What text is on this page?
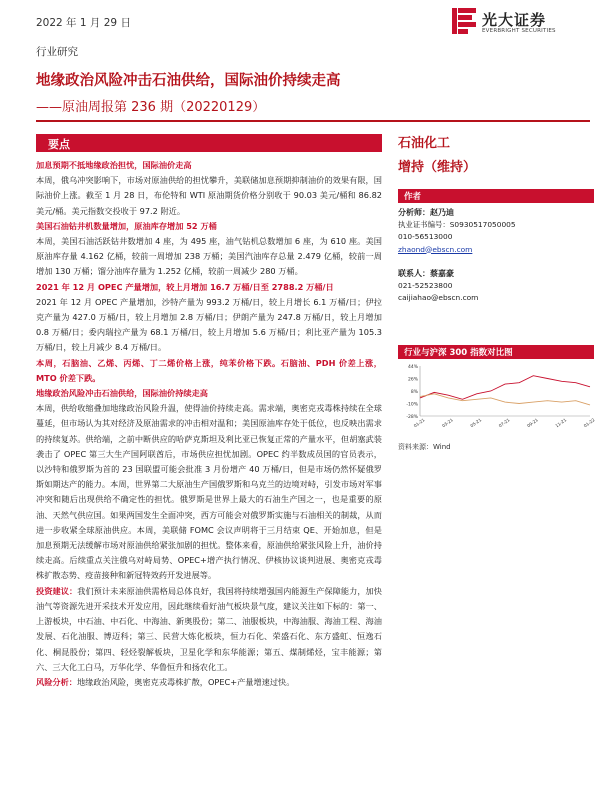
2022 年 1 月 29 日	光大证券
EVERBRIGHT SECURITIES
行业研究
地缘政治风险冲击石油供给，国际油价持续走高
——原油周报第 236 期（20220129）
要点

加息预期不抵地缘政治担忧，国际油价走高

本周，俄乌冲突影响下，市场对原油供给的担忧攀升，美联储加息预期抑制油价的效果有限，国际油价上涨。截至 1 月 28 日，布伦特和 WTI 原油期货价格分别收于 90.03 美元/桶和 86.82 美元/桶。美元指数交投收于 97.2 附近。

美国石油钻井机数量增加，原油库存增加 52 万桶

本周，美国石油活跃钻井数增加 4 座，为 495 座，油气钻机总数增加 6 座，为 610 座。美国原油库存量 4.162 亿桶，较前一周增加 238 万桶；美国汽油库存总量 2.479 亿桶，较前一周增加 130 万桶；馏分油库存量为 1.252 亿桶，较前一周减少 280 万桶。

2021 年 12 月 OPEC 产量增加，较上月增加 16.7 万桶/日至 2788.2 万桶/日

2021 年 12 月 OPEC 产量增加，沙特产量为 993.2 万桶/日，较上月增长 6.1 万桶/日；伊拉克产量为 427.0 万桶/日，较上月增加 2.8 万桶/日；伊朗产量为 247.8 万桶/日，较上月增加 0.8 万桶/日；委内瑞拉产量为 68.1 万桶/日，较上月增加 5.6 万桶/日；利比亚产量为 105.3 万桶/日，较上月减少 8.4 万桶/日。

本周，石脑油、乙烯、丙烯、丁二烯价格上涨，纯苯价格下跌。石脑油、PDH 价差上涨，MTO 价差下跌。

地缘政治风险冲击石油供给，国际油价持续走高

本周，供给收缩叠加地缘政治风险升温，使得油价持续走高。需求端，奥密克戎毒株持续在全球蔓延，但市场认为其对经济及原油需求的冲击相对温和；美国原油库存处于低位，也反映出需求的持续复苏。供给端，之前中断供应的哈萨克斯坦及利比亚已恢复正常的产量水平，但胡塞武装袭击了 OPEC 第三大生产国阿联酋后，市场供应担忧加剧。OPEC 约半数成员国的官员表示，以沙特和俄罗斯为首的 23 国联盟可能会批准 3 月份增产 40 万桶/日，但是市场仍然怀疑俄罗斯如期达产的能力。本周，世界第二大原油生产国俄罗斯和乌克兰的边境对峙，引发市场对军事冲突和随后出现供给不确定性的担忧。俄罗斯是世界上最大的石油生产国之一，也是重要的原油、天然气供应国。如果两国发生全面冲突，西方可能会对俄罗斯实施与石油相关的制裁，从而进一步收紧全球原油供应。本周，美联储 FOMC 会议声明将于三月结束 QE、开始加息，但是加息预期无法缓解市场对原油供给紧张加剧的担忧。整体来看，原油供给紧张风险上升，油价持续走高。后续重点关注俄乌对峙局势、OPEC+增产执行情况、伊核协议谈判进展、奥密克戎毒株扩散态势、疫苗接种和新冠特效药开发进展等。

投资建议：我们预计未来原油供需格局总体良好，我国将持续增强国内能源生产保障能力，加快油气等资源先进开采技术开发应用，因此继续看好油气板块景气度，建议关注如下标的：第一、上游板块，中石油、中石化、中海油、新奥股份；第二、油服板块，中海油服、海油工程、海油发展、石化油服、博迈科；第三、民营大炼化板块，恒力石化、荣盛石化、东方盛虹、恒逸石化、桐昆股份；第四、轻烃裂解板块，卫星化学和东华能源；第五、煤制烯烃，宝丰能源；第六、三大化工白马，万华化学、华鲁恒升和扬农化工。

风险分析：地缘政治风险，奥密克戎毒株扩散，OPEC+产量增速过快。

石油化工
增持（维持）
作者
分析师：赵乃迪
执业证书编号：S0930517050005
010-56513000
zhaond@ebscn.com
联系人：蔡嘉豪
021-52523800
caijiahao@ebscn.com
行业与沪深 300 指数对比图
-28%
-10%
8%
26%
44%
01-21	03-21	05-21	07-21	09-21	11-21	01-22
资料来源：Wind
